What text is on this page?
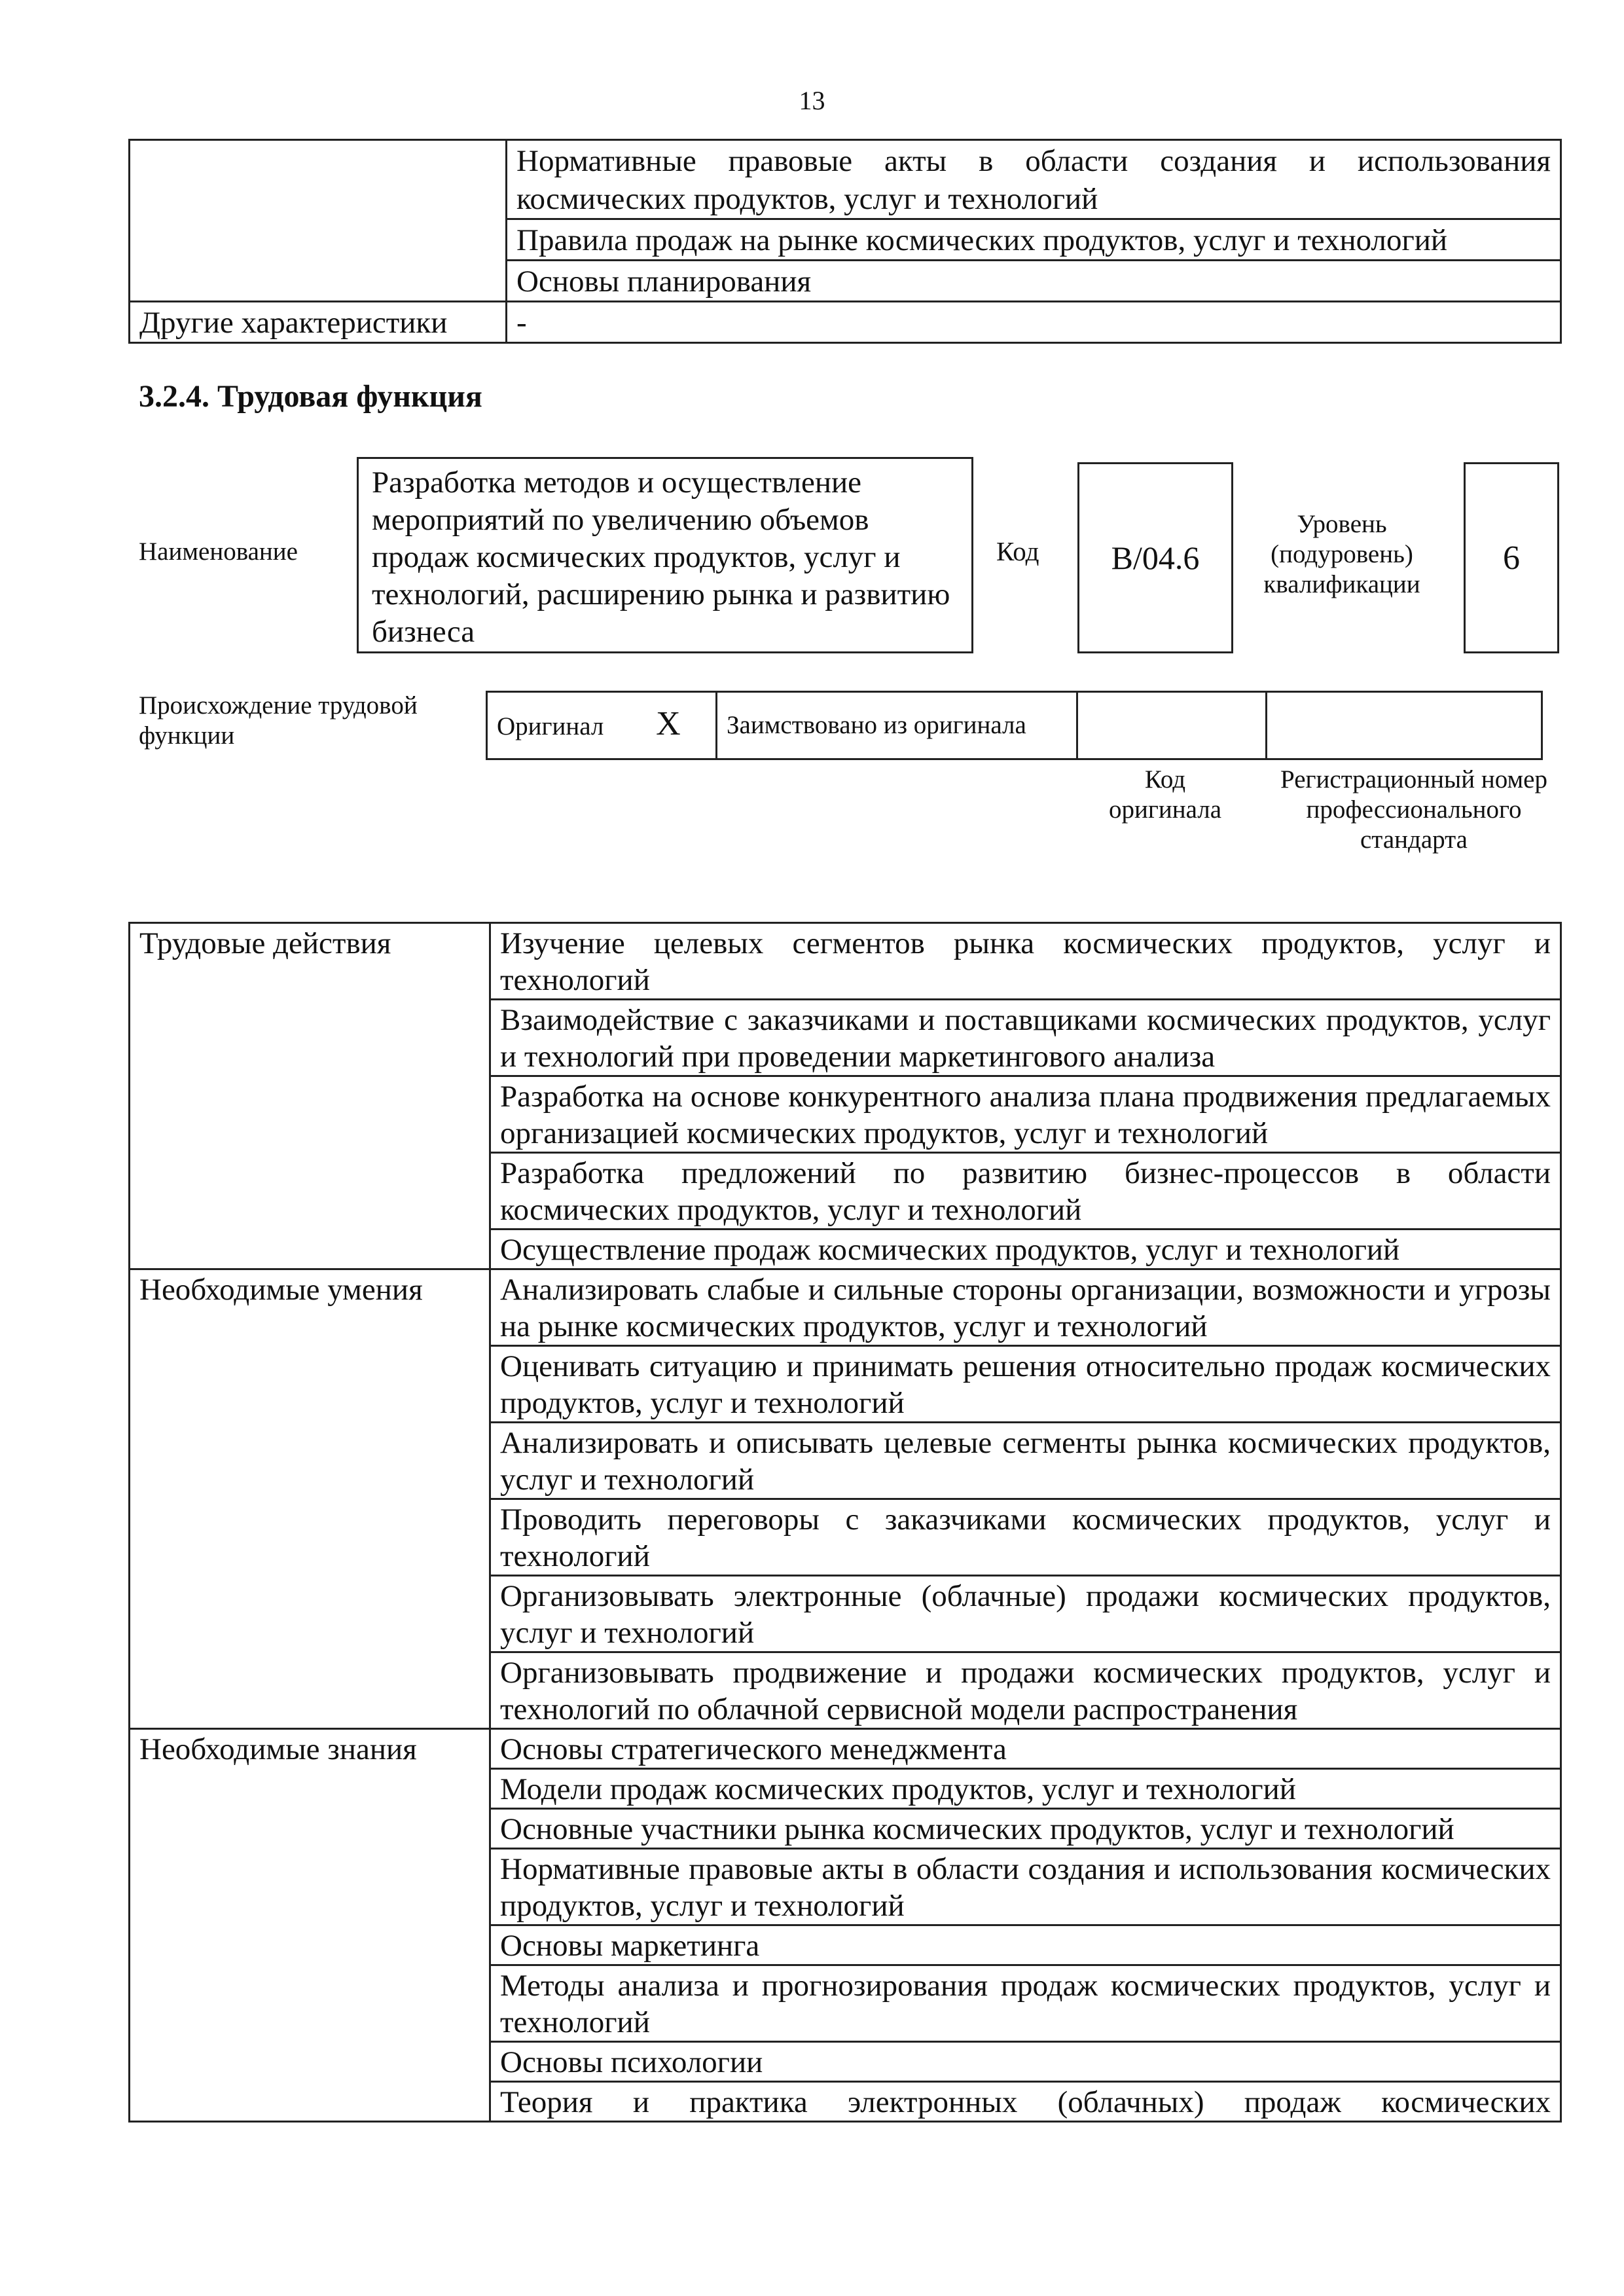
13
	Нормативные правовые акты в области создания и использования космических продуктов, услуг и технологий
	Правила продаж на рынке космических продуктов, услуг и технологий
	Основы планирования
Другие характеристики	-
3.2.4. Трудовая функция
Наименование
Разработка методов и осуществление мероприятий по увеличению объемов продаж космических продуктов, услуг и технологий, расширению рынка и развитию бизнеса
Код B/04.6
Уровень (подуровень) квалификации
6
Происхождение трудовой функции	Оригинал X	Заимствовано из оригинала		
Код оригинала
Регистрационный номер профессионального стандарта
Трудовые действия	Изучение целевых сегментов рынка космических продуктов, услуг и технологий
	Взаимодействие с заказчиками и поставщиками космических продуктов, услуг и технологий при проведении маркетингового анализа
	Разработка на основе конкурентного анализа плана продвижения предлагаемых организацией космических продуктов, услуг и технологий
	Разработка предложений по развитию бизнес-процессов в области космических продуктов, услуг и технологий
	Осуществление продаж космических продуктов, услуг и технологий
Необходимые умения	Анализировать слабые и сильные стороны организации, возможности и угрозы на рынке космических продуктов, услуг и технологий
	Оценивать ситуацию и принимать решения относительно продаж космических продуктов, услуг и технологий
	Анализировать и описывать целевые сегменты рынка космических продуктов, услуг и технологий
	Проводить переговоры с заказчиками космических продуктов, услуг и технологий
	Организовывать электронные (облачные) продажи космических продуктов, услуг и технологий
	Организовывать продвижение и продажи космических продуктов, услуг и технологий по облачной сервисной модели распространения
Необходимые знания	Основы стратегического менеджмента
	Модели продаж космических продуктов, услуг и технологий
	Основные участники рынка космических продуктов, услуг и технологий
	Нормативные правовые акты в области создания и использования космических продуктов, услуг и технологий
	Основы маркетинга
	Методы анализа и прогнозирования продаж космических продуктов, услуг и технологий
	Основы психологии
	Теория и практика электронных (облачных) продаж космических
